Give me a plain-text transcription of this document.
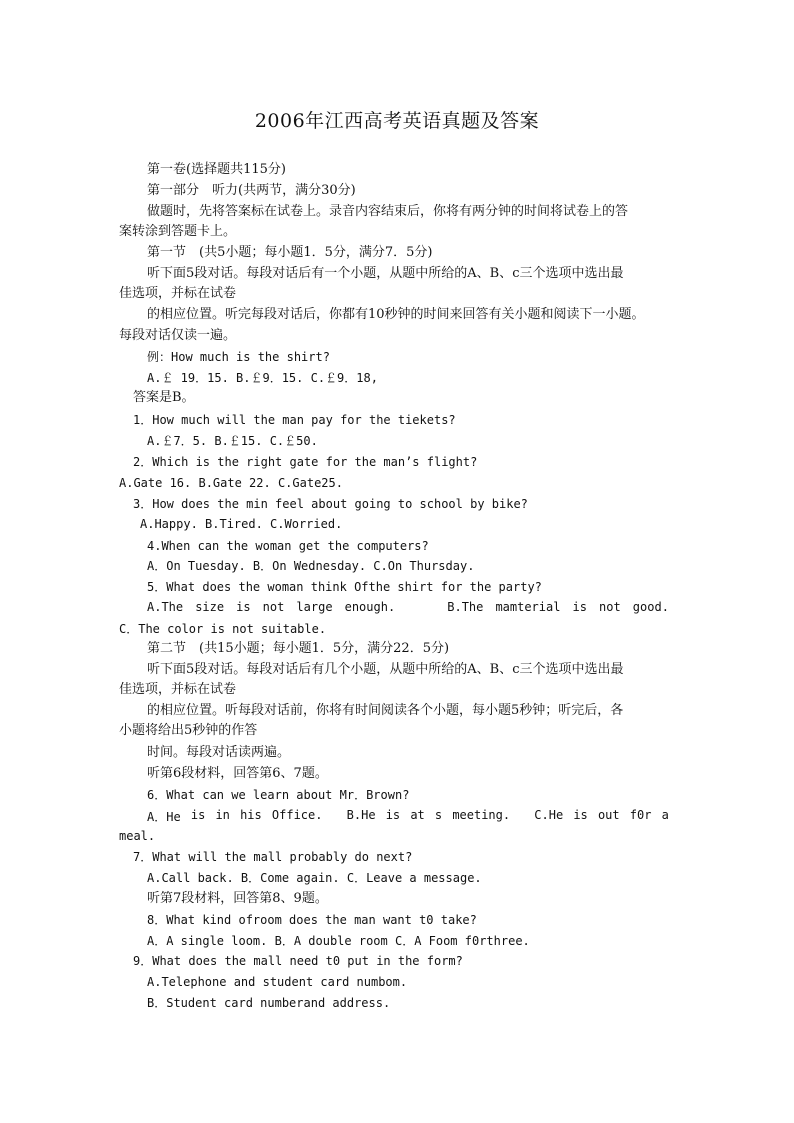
2006年江西高考英语真题及答案
第一卷(选择题共115分)
第一部分　听力(共两节，满分30分)
做题时，先将答案标在试卷上。录音内容结束后，你将有两分钟的时间将试卷上的答
案转涂到答题卡上。
第一节　(共5小题；每小题1．5分，满分7．5分)
听下面5段对话。每段对话后有一个小题，从题中所给的A、B、c三个选项中选出最
佳选项，并标在试卷
的相应位置。听完每段对话后，你都有10秒钟的时间来回答有关小题和阅读下一小题。
每段对话仅读一遍。
例：How much is the shirt?
A.￡ 19．15. B.￡9．15. C.￡9．18,
答案是B。
1．How much will the man pay for the tiekets?
A.￡7．5. B.￡15. C.￡50.
2．Which is the right gate for the man’s flight?
A.Gate 16. B.Gate 22. C.Gate25.
3．How does the min feel about going to school by bike?
A.Happy. B.Tired. C.Worried.
4.When can the woman get the computers?
A．On Tuesday. B．On Wednesday. C.On Thursday.
5．What does the woman think Ofthe shirt for the party?
A.The size is not large enough.	B.The mamterial is not good.
C．The color is not suitable.
第二节　(共15小题；每小题1．5分，满分22．5分)
听下面5段对话。每段对话后有几个小题，从题中所给的A、B、c三个选项中选出最
佳选项，并标在试卷
的相应位置。听每段对话前，你将有时间阅读各个小题，每小题5秒钟；听完后，各
小题将给出5秒钟的作答
时间。每段对话读两遍。
听第6段材料，回答第6、7题。
6．What can we learn about Mr．Brown?
A．He is in his Office. B.He is at s meeting. C.He is out f0r a
meal.
7．What will the mall probably do next?
A.Call back. B．Come again. C．Leave a message.
听第7段材料，回答第8、9题。
8．What kind ofroom does the man want t0 take?
A．A single loom. B．A double room C．A Foom f0rthree.
9．What does the mall need t0 put in the form?
A.Telephone and student card numbom.
B．Student card numberand address.
